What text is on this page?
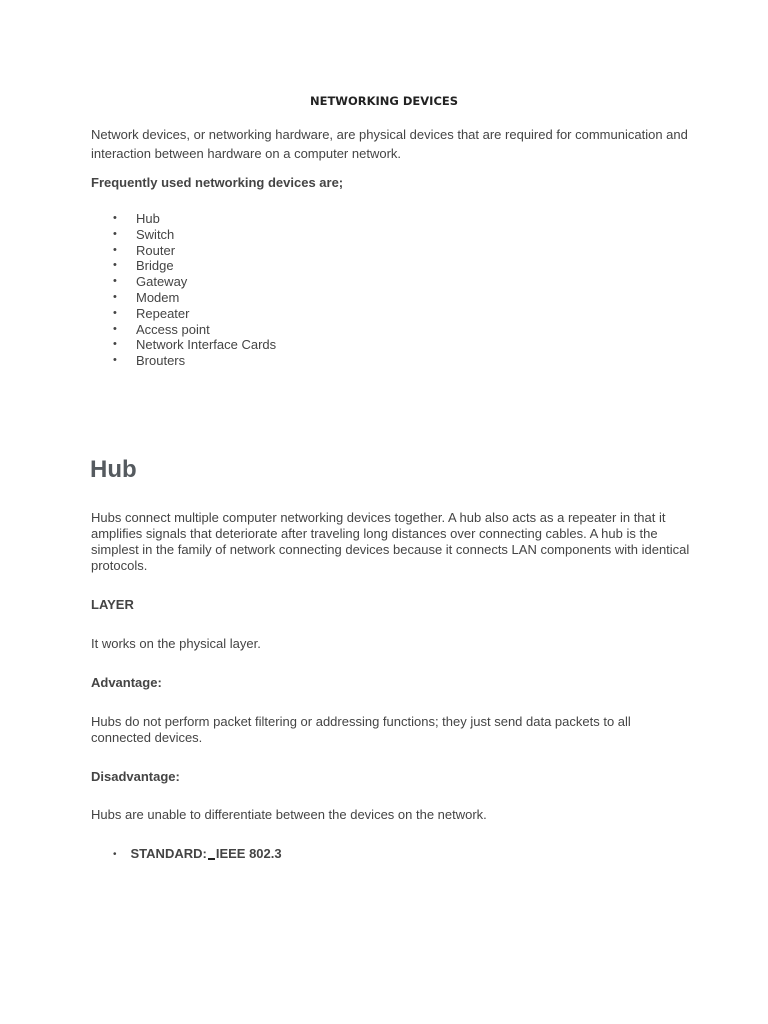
NETWORKING DEVICES

Network devices, or networking hardware, are physical devices that are required for communication and interaction between hardware on a computer network.

Frequently used networking devices are;

• Hub
• Switch
• Router
• Bridge
• Gateway
• Modem
• Repeater
• Access point
• Network Interface Cards
• Brouters
Hub

Hubs connect multiple computer networking devices together. A hub also acts as a repeater in that it amplifies signals that deteriorate after traveling long distances over connecting cables. A hub is the simplest in the family of network connecting devices because it connects LAN components with identical protocols.

LAYER

It works on the physical layer.

Advantage:

Hubs do not perform packet filtering or addressing functions; they just send data packets to all connected devices.

Disadvantage:

Hubs are unable to differentiate between the devices on the network.

• STANDARD: IEEE 802.3
